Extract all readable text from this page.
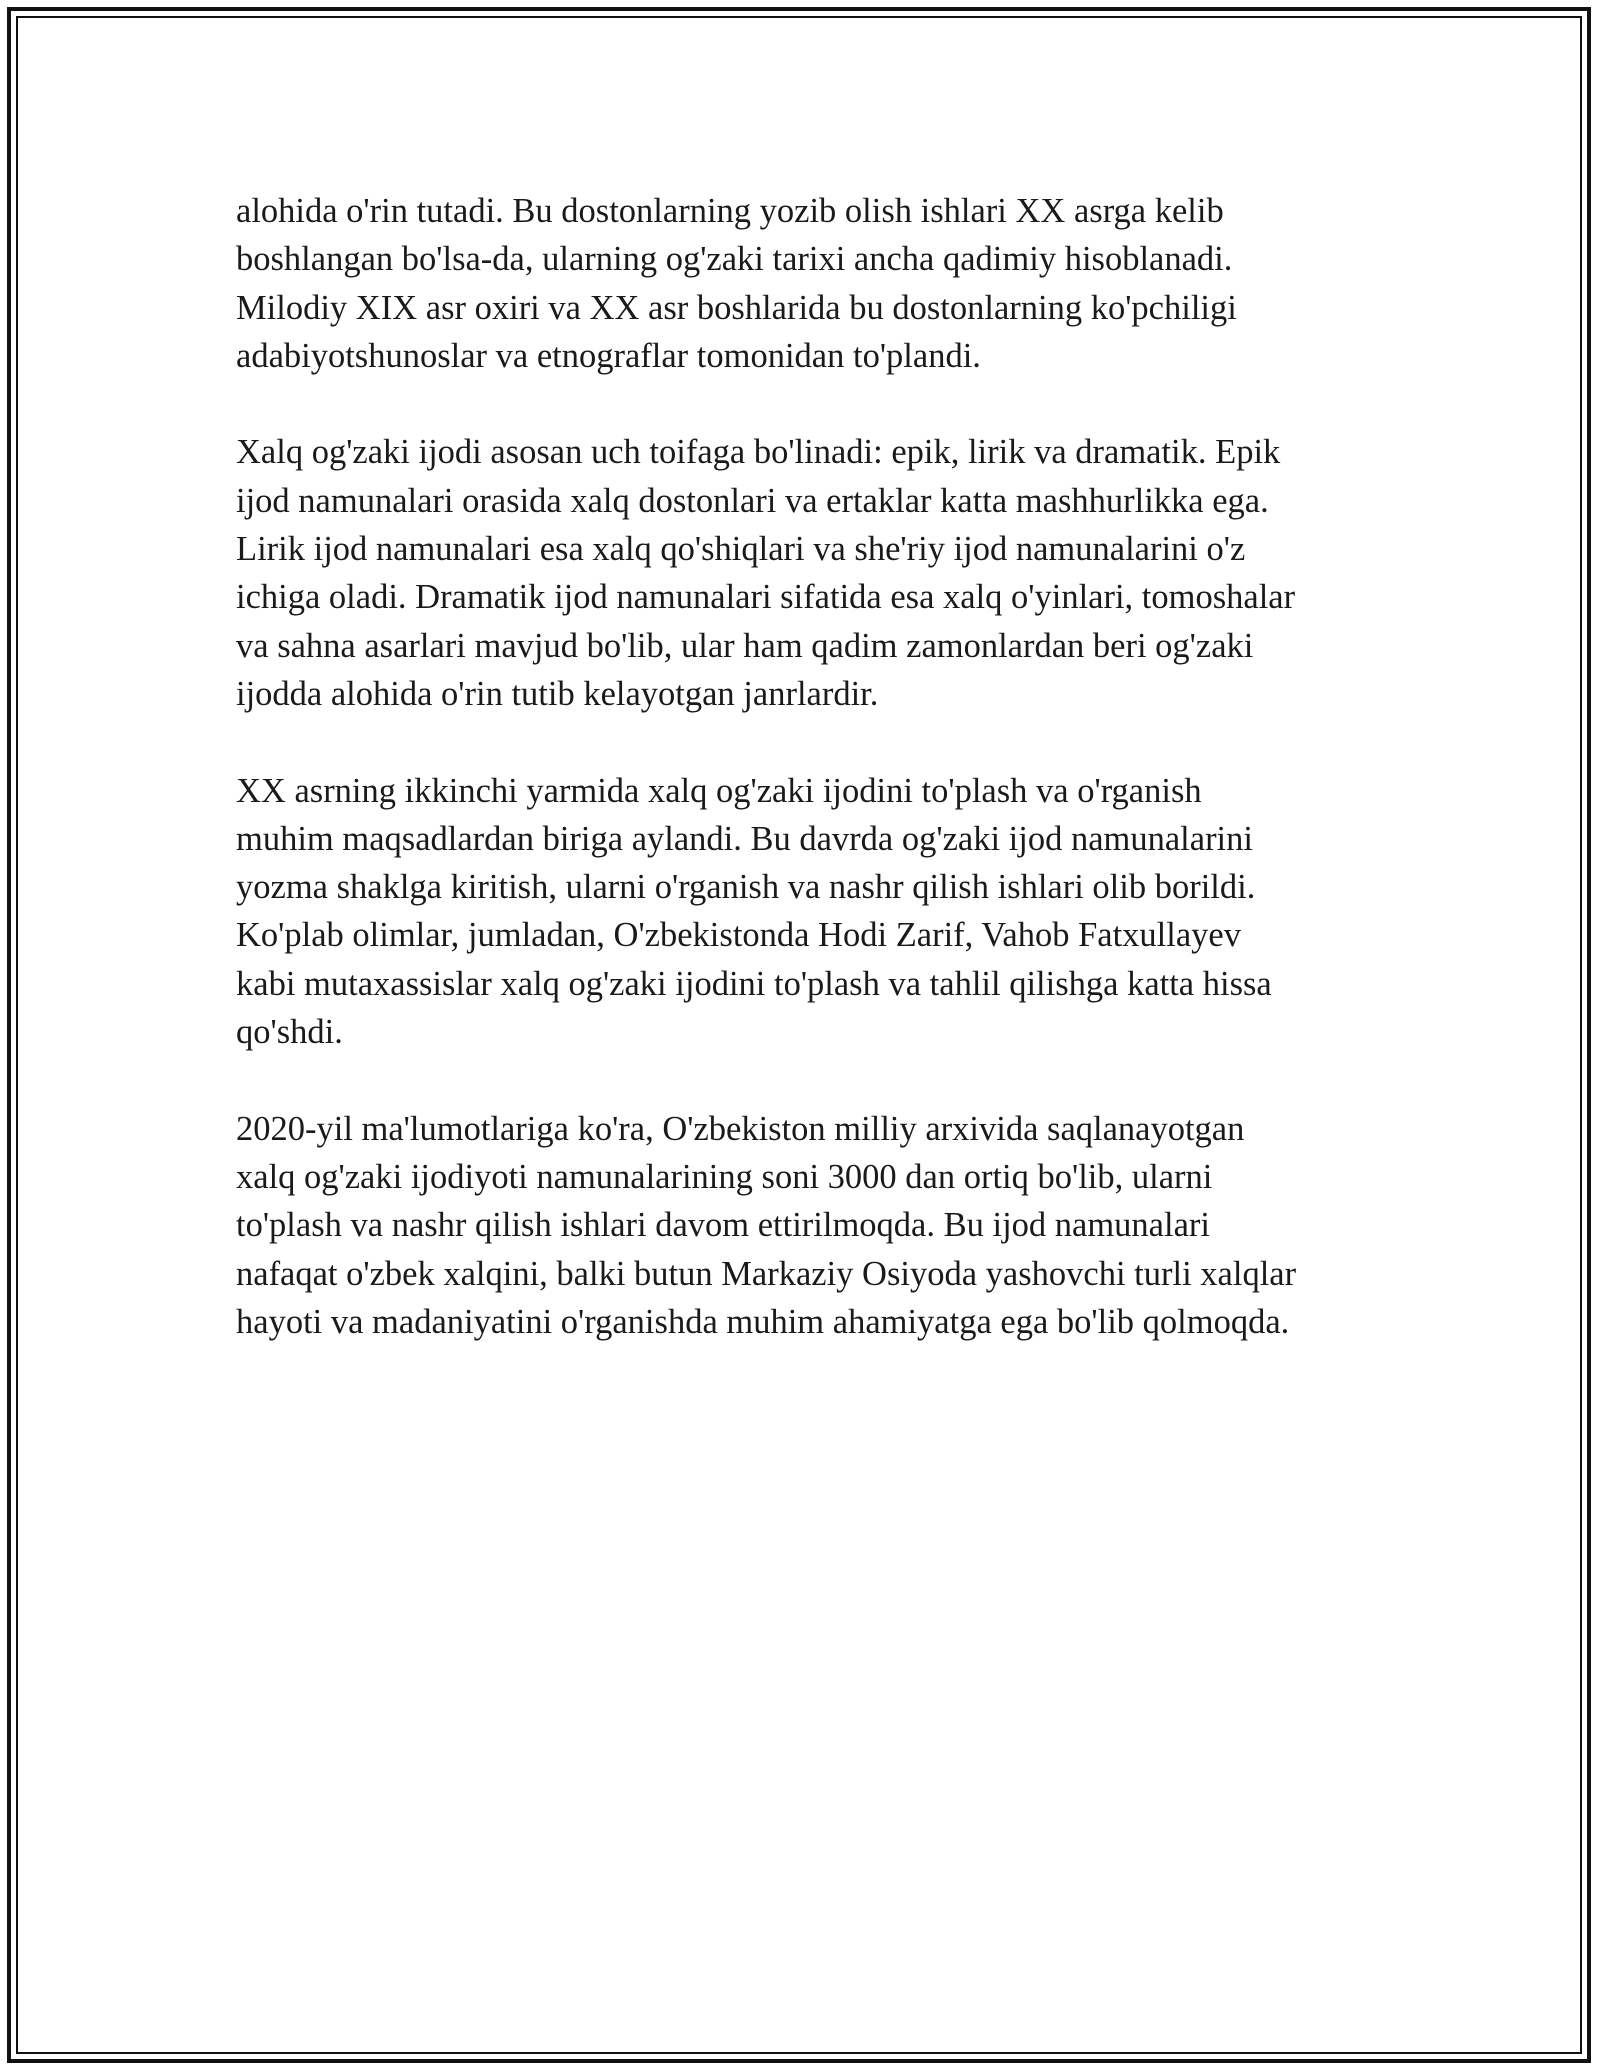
alohida o'rin tutadi. Bu dostonlarning yozib olish ishlari XX asrga kelib
boshlangan bo'lsa-da, ularning og'zaki tarixi ancha qadimiy hisoblanadi.
Milodiy XIX asr oxiri va XX asr boshlarida bu dostonlarning ko'pchiligi
adabiyotshunoslar va etnograflar tomonidan to'plandi.

Xalq og'zaki ijodi asosan uch toifaga bo'linadi: epik, lirik va dramatik. Epik
ijod namunalari orasida xalq dostonlari va ertaklar katta mashhurlikka ega.
Lirik ijod namunalari esa xalq qo'shiqlari va she'riy ijod namunalarini o'z
ichiga oladi. Dramatik ijod namunalari sifatida esa xalq o'yinlari, tomoshalar
va sahna asarlari mavjud bo'lib, ular ham qadim zamonlardan beri og'zaki
ijodda alohida o'rin tutib kelayotgan janrlardir.

XX asrning ikkinchi yarmida xalq og'zaki ijodini to'plash va o'rganish
muhim maqsadlardan biriga aylandi. Bu davrda og'zaki ijod namunalarini
yozma shaklga kiritish, ularni o'rganish va nashr qilish ishlari olib borildi.
Ko'plab olimlar, jumladan, O'zbekistonda Hodi Zarif, Vahob Fatxullayev
kabi mutaxassislar xalq og'zaki ijodini to'plash va tahlil qilishga katta hissa
qo'shdi.

2020-yil ma'lumotlariga ko'ra, O'zbekiston milliy arxivida saqlanayotgan
xalq og'zaki ijodiyoti namunalarining soni 3000 dan ortiq bo'lib, ularni
to'plash va nashr qilish ishlari davom ettirilmoqda. Bu ijod namunalari
nafaqat o'zbek xalqini, balki butun Markaziy Osiyoda yashovchi turli xalqlar
hayoti va madaniyatini o'rganishda muhim ahamiyatga ega bo'lib qolmoqda.
